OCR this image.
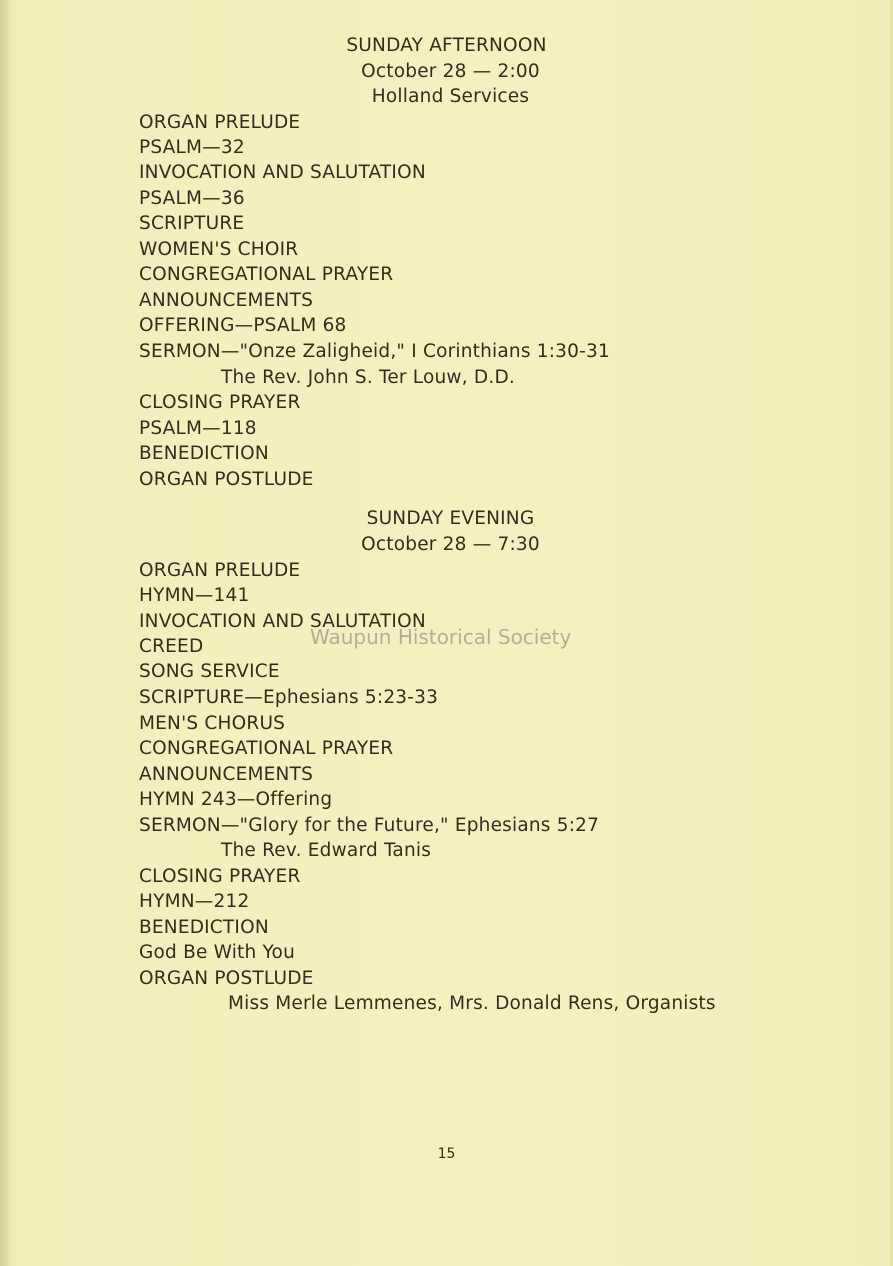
SUNDAY AFTERNOON
October 28 — 2:00
Holland Services
ORGAN PRELUDE
PSALM—32
INVOCATION AND SALUTATION
PSALM—36
SCRIPTURE
WOMEN'S CHOIR
CONGREGATIONAL PRAYER
ANNOUNCEMENTS
OFFERING—PSALM 68
SERMON—"Onze Zaligheid," I Corinthians 1:30-31
The Rev. John S. Ter Louw, D.D.
CLOSING PRAYER
PSALM—118
BENEDICTION
ORGAN POSTLUDE
SUNDAY EVENING
October 28 — 7:30
ORGAN PRELUDE
HYMN—141
INVOCATION AND SALUTATION
CREED
SONG SERVICE
SCRIPTURE—Ephesians 5:23-33
MEN'S CHORUS
CONGREGATIONAL PRAYER
ANNOUNCEMENTS
HYMN 243—Offering
SERMON—"Glory for the Future," Ephesians 5:27
The Rev. Edward Tanis
CLOSING PRAYER
HYMN—212
BENEDICTION
God Be With You
ORGAN POSTLUDE
Miss Merle Lemmenes, Mrs. Donald Rens, Organists
Waupun Historical Society
15
